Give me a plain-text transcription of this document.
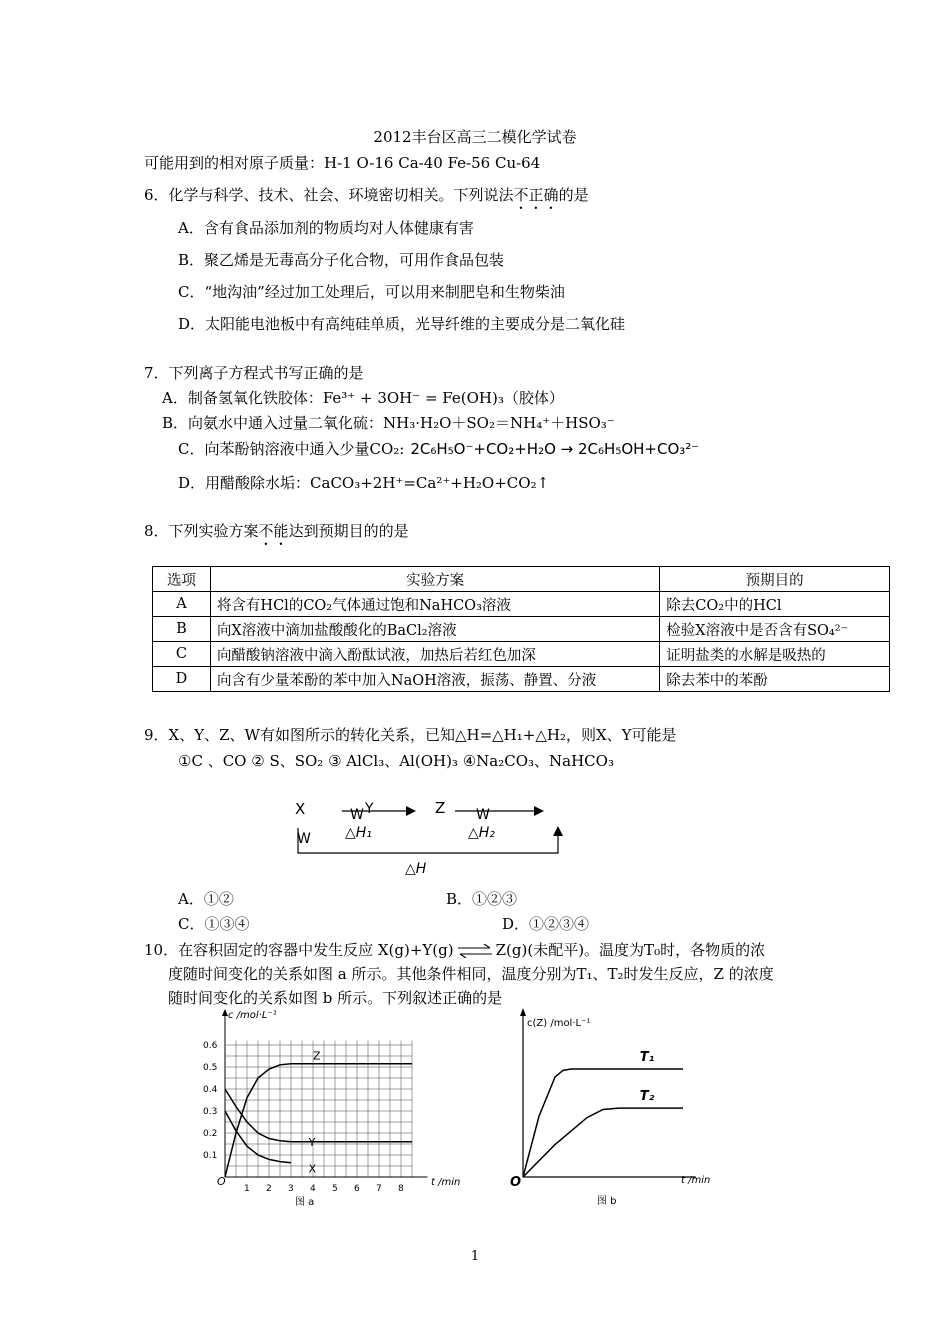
2012丰台区高三二模化学试卷
可能用到的相对原子质量：H-1 O-16 Ca-40 Fe-56 Cu-64
6．化学与科学、技术、社会、环境密切相关。下列说法不正确的是
A．含有食品添加剂的物质均对人体健康有害
B．聚乙烯是无毒高分子化合物，可用作食品包装
C．“地沟油”经过加工处理后，可以用来制肥皂和生物柴油
D．太阳能电池板中有高纯硅单质，光导纤维的主要成分是二氧化硅
7．下列离子方程式书写正确的是
A．制备氢氧化铁胶体：Fe³⁺ + 3OH⁻ = Fe(OH)₃（胶体）
B．向氨水中通入过量二氧化硫：NH₃·H₂O＋SO₂＝NH₄⁺＋HSO₃⁻
C．向苯酚钠溶液中通入少量CO₂: 2C₆H₅O⁻+CO₂+H₂O → 2C₆H₅OH+CO₃²⁻
D．用醋酸除水垢：CaCO₃+2H⁺=Ca²⁺+H₂O+CO₂↑
8．下列实验方案不能达到预期目的的是
选项	实验方案	预期目的
A	将含有HCl的CO₂气体通过饱和NaHCO₃溶液	除去CO₂中的HCl
B	向X溶液中滴加盐酸酸化的BaCl₂溶液	检验X溶液中是否含有SO₄²⁻
C	向醋酸钠溶液中滴入酚酞试液，加热后若红色加深	证明盐类的水解是吸热的
D	向含有少量苯酚的苯中加入NaOH溶液，振荡、静置、分液	除去苯中的苯酚
9．X、Y、Z、W有如图所示的转化关系，已知△H=△H₁+△H₂，则X、Y可能是
①C 、CO ② S、SO₂ ③ AlCl₃、Al(OH)₃ ④Na₂CO₃、NaHCO₃
X	Y
W	Z W
W △H₁	△H₂
△H
A．①②	B．①②③
C．①③④	D．①②③④
10．在容积固定的容器中发生反应 X(g)+Y(g) ⇌ Z(g)(未配平)。温度为T₀时，各物质的浓
度随时间变化的关系如图 a 所示。其他条件相同，温度分别为T₁、T₂时发生反应，Z 的浓度
随时间变化的关系如图 b 所示。下列叙述正确的是
Z
Y
X
1 2 3 4 5 6 7 8
0.1
0.2
0.3
0.4
0.5
0.6
c /mol·L⁻¹
t /min
O
图 a
T₁
T₂
c(Z) /mol·L⁻¹
t /min
O
图 b
1
